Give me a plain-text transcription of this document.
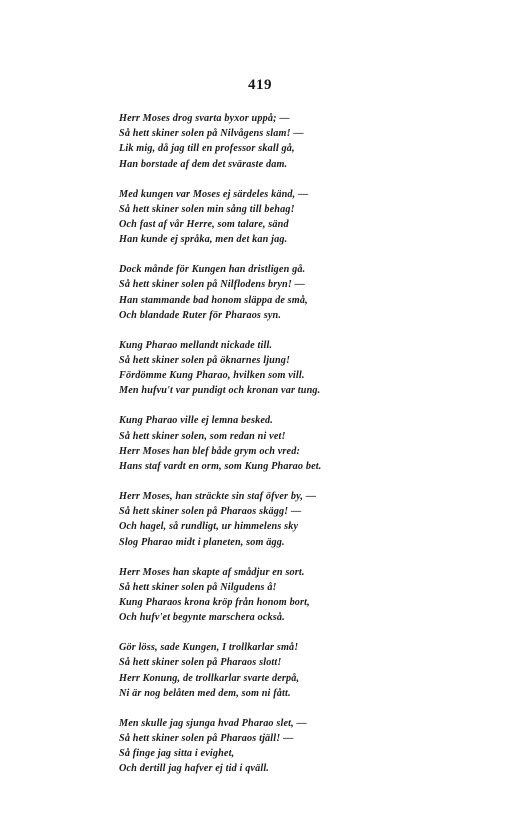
419
Herr Moses drog svarta byxor uppå; —
Så hett skiner solen på Nilvågens slam! —
Lik mig, då jag till en professor skall gå,
Han borstade af dem det sväraste dam.
Med kungen var Moses ej särdeles känd, —
Så hett skiner solen min sång till behag!
Och fast af vår Herre, som talare, sänd
Han kunde ej språka, men det kan jag.
Dock månde för Kungen han dristligen gå.
Så hett skiner solen på Nilflodens bryn! —
Han stammande bad honom släppa de små,
Och blandade Ruter för Pharaos syn.
Kung Pharao mellandt nickade till.
Så hett skiner solen på öknarnes ljung!
Fördömme Kung Pharao, hvilken som vill.
Men hufvu't var pundigt och kronan var tung.
Kung Pharao ville ej lemna besked.
Så hett skiner solen, som redan ni vet!
Herr Moses han blef både grym och vred:
Hans staf vardt en orm, som Kung Pharao bet.
Herr Moses, han sträckte sin staf öfver by, —
Så hett skiner solen på Pharaos skägg! —
Och hagel, så rundligt, ur himmelens sky
Slog Pharao midt i planeten, som ägg.
Herr Moses han skapte af smådjur en sort.
Så hett skiner solen på Nilgudens å!
Kung Pharaos krona kröp från honom bort,
Och hufv'et begynte marschera också.
Gör löss, sade Kungen, I trollkarlar små!
Så hett skiner solen på Pharaos slott!
Herr Konung, de trollkarlar svarte derpå,
Ni är nog belåten med dem, som ni fått.
Men skulle jag sjunga hvad Pharao slet, —
Så hett skiner solen på Pharaos tjäll! —
Så finge jag sitta i evighet,
Och dertill jag hafver ej tid i qväll.
